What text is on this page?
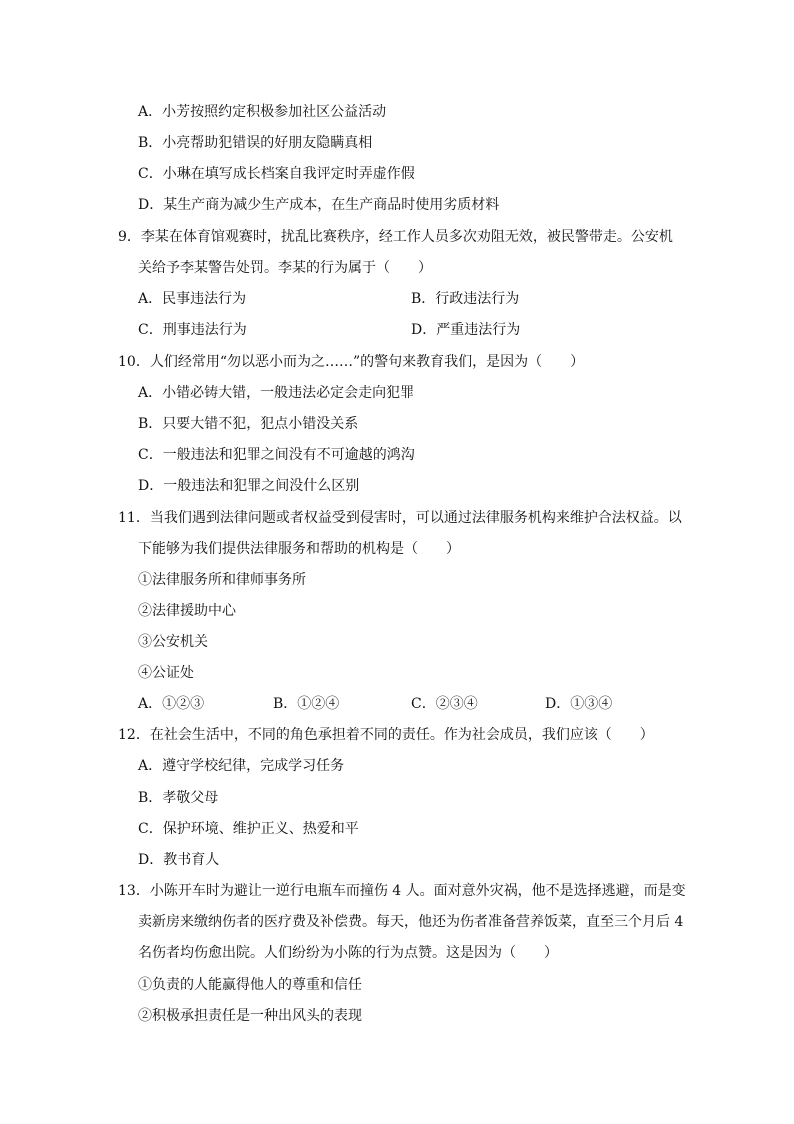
A．小芳按照约定积极参加社区公益活动
B．小亮帮助犯错误的好朋友隐瞒真相
C．小琳在填写成长档案自我评定时弄虚作假
D．某生产商为减少生产成本，在生产商品时使用劣质材料
9．李某在体育馆观赛时，扰乱比赛秩序，经工作人员多次劝阻无效，被民警带走。公安机
关给予李某警告处罚。李某的行为属于（　　）
A．民事违法行为	B．行政违法行为
C．刑事违法行为	D．严重违法行为
10．人们经常用“勿以恶小而为之……”的警句来教育我们，是因为（　　）
A．小错必铸大错，一般违法必定会走向犯罪
B．只要大错不犯，犯点小错没关系
C．一般违法和犯罪之间没有不可逾越的鸿沟
D．一般违法和犯罪之间没什么区别
11．当我们遇到法律问题或者权益受到侵害时，可以通过法律服务机构来维护合法权益。以
下能够为我们提供法律服务和帮助的机构是（　　）
①法律服务所和律师事务所
②法律援助中心
③公安机关
④公证处
A．①②③	B．①②④	C．②③④	D．①③④
12．在社会生活中，不同的角色承担着不同的责任。作为社会成员，我们应该（　　）
A．遵守学校纪律，完成学习任务
B．孝敬父母
C．保护环境、维护正义、热爱和平
D．教书育人
13．小陈开车时为避让一逆行电瓶车而撞伤 4 人。面对意外灾祸，他不是选择逃避，而是变
卖新房来缴纳伤者的医疗费及补偿费。每天，他还为伤者准备营养饭菜，直至三个月后 4
名伤者均伤愈出院。人们纷纷为小陈的行为点赞。这是因为（　　）
①负责的人能赢得他人的尊重和信任
②积极承担责任是一种出风头的表现
